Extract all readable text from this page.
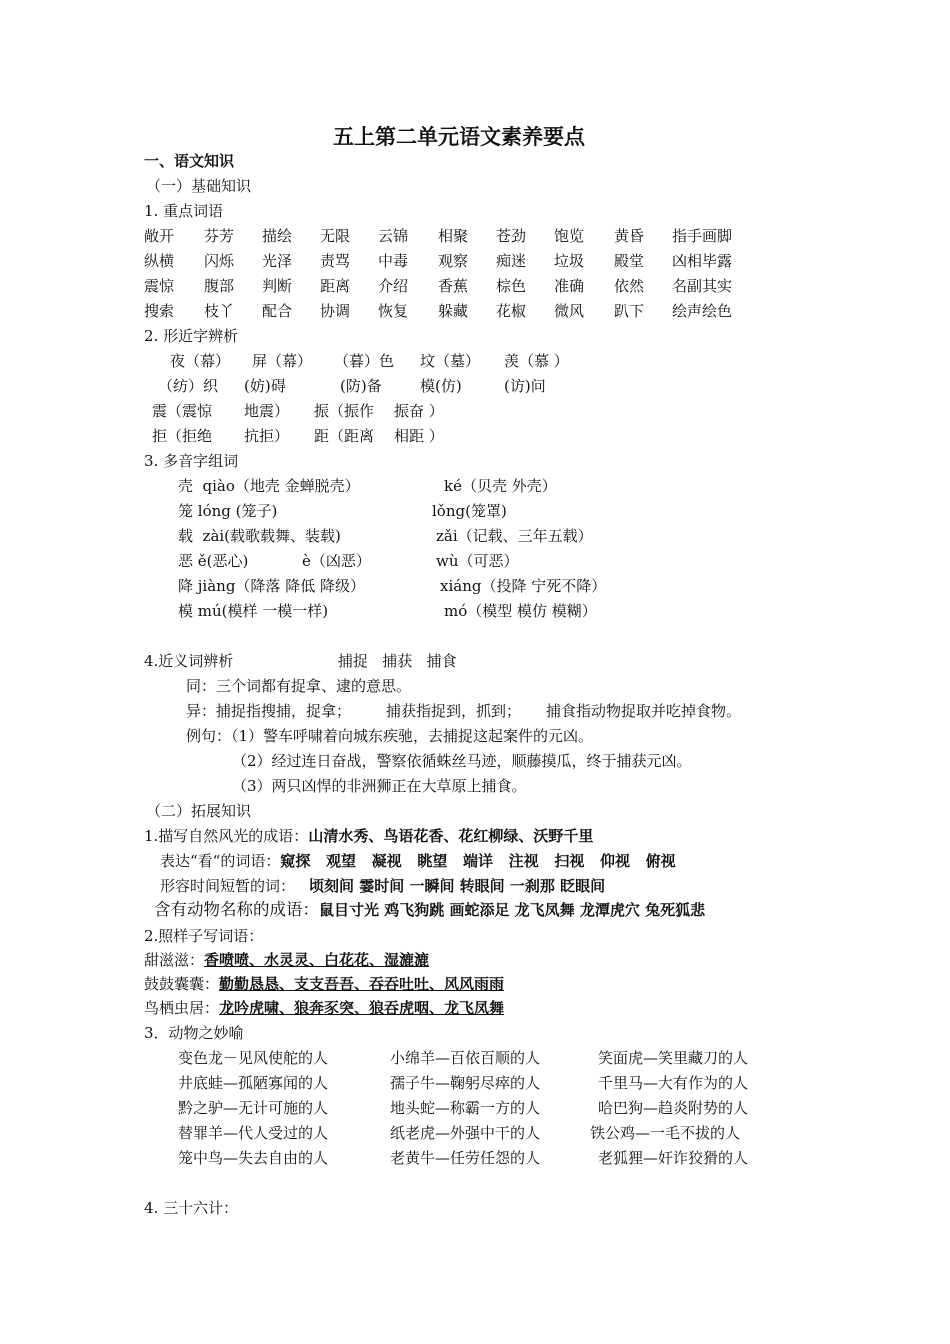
五上第二单元语文素养要点
一、语文知识
（一）基础知识
1. 重点词语
敞开 芬芳 描绘 无限 云锦 相聚 苍劲 饱览 黄昏 指手画脚
纵横 闪烁 光泽 责骂 中毒 观察 痴迷 垃圾 殿堂 凶相毕露
震惊 腹部 判断 距离 介绍 香蕉 棕色 准确 依然 名副其实
搜索 枝丫 配合 协调 恢复 躲藏 花椒 微风 趴下 绘声绘色
2. 形近字辨析
夜（幕） 屏（幕） （暮）色 坟（墓） 羡（慕 ）
（纺）织 (妨)碍	(防)备	模(仿)	(访)问
震（震惊 地震） 振（振作 振奋 ）
拒（拒绝 抗拒） 距（距离 相距 ）
3. 多音字组词
壳  qiào（地壳 金蝉脱壳）	ké（贝壳 外壳）
笼 lóng (笼子)	lǒng(笼罩)
载  zài(载歌载舞、装载)	zǎi（记载、三年五载）
恶 ě(恶心)	è（凶恶）	wù（可恶）
降 jiàng（降落 降低 降级）	xiáng（投降 宁死不降）
模 mú(模样 一模一样)	mó（模型 模仿 模糊）
4.近义词辨析	捕捉   捕获   捕食
同：三个词都有捉拿、逮的意思。
异：捕捉指搜捕，捉拿； 捕获指捉到，抓到； 捕食指动物捉取并吃掉食物。
例句：（1）警车呼啸着向城东疾驰，去捕捉这起案件的元凶。
（2）经过连日奋战，警察依循蛛丝马迹，顺藤摸瓜，终于捕获元凶。
（3）两只凶悍的非洲狮正在大草原上捕食。
（二）拓展知识
1.描写自然风光的成语：山清水秀、鸟语花香、花红柳绿、沃野千里
表达“看“的词语：窥探   观望   凝视   眺望   端详   注视   扫视   仰视   俯视
形容时间短暂的词： 顷刻间 霎时间 一瞬间 转眼间 一刹那 眨眼间
含有动物名称的成语：鼠目寸光 鸡飞狗跳 画蛇添足 龙飞凤舞 龙潭虎穴 兔死狐悲
2.照样子写词语：
甜滋滋：香喷喷、水灵灵、白花花、湿漉漉
鼓鼓囊囊：勤勤恳恳、支支吾吾、吞吞吐吐、风风雨雨
鸟栖虫居：龙吟虎啸、狼奔豕突、狼吞虎咽、龙飞凤舞
3．动物之妙喻
变色龙－见风使舵的人	小绵羊—百依百顺的人	笑面虎—笑里藏刀的人
井底蛙—孤陋寡闻的人	孺子牛—鞠躬尽瘁的人	千里马—大有作为的人
黔之驴—无计可施的人	地头蛇—称霸一方的人	哈巴狗—趋炎附势的人
替罪羊—代人受过的人	纸老虎—外强中干的人	铁公鸡—一毛不拔的人
笼中鸟—失去自由的人	老黄牛—任劳任怨的人	老狐狸—奸诈狡猾的人
4. 三十六计：
